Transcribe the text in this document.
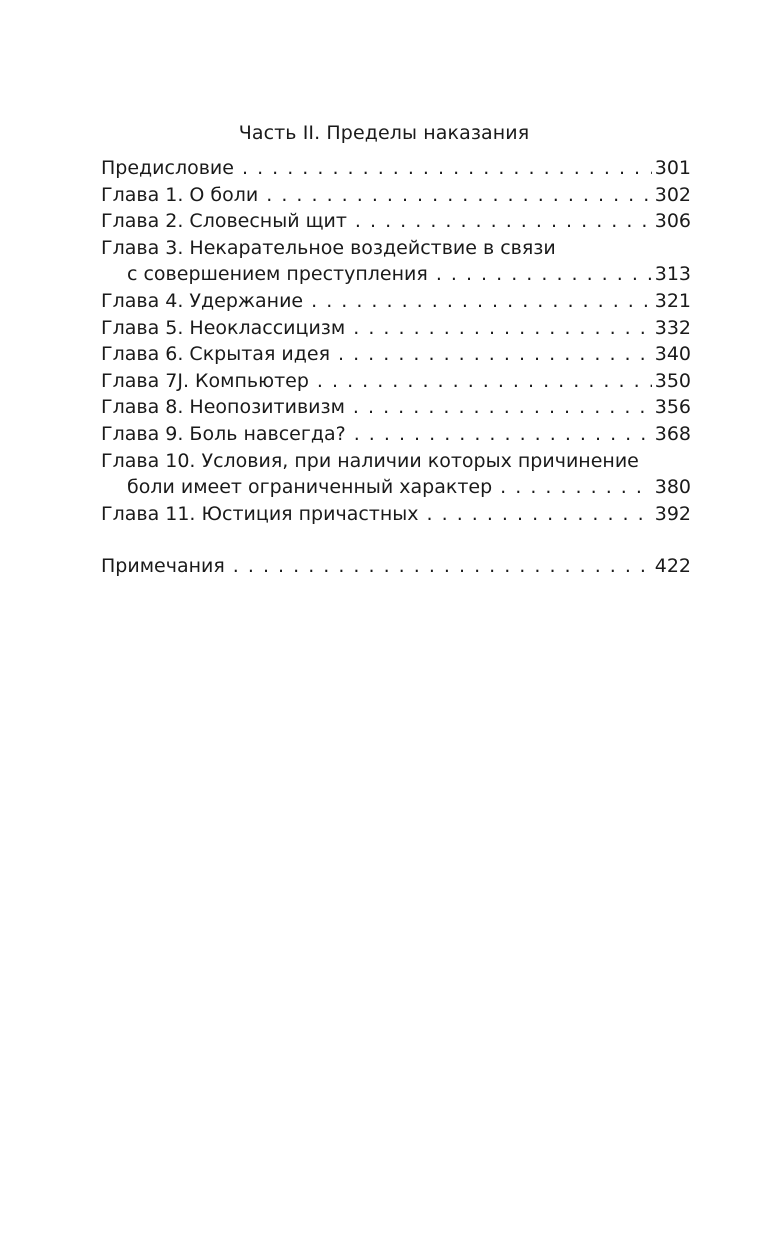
Часть II. Пределы наказания
Предисловие . . .	301
Глава 1. О боли . . .	302
Глава 2. Словесный щит . . .	306
Глава 3. Некарательное воздействие в связи
с совершением преступления . . .	313
Глава 4. Удержание . . .	321
Глава 5. Неоклассицизм . . .	332
Глава 6. Скрытая идея . . .	340
Глава 7J. Компьютер . . .	350
Глава 8. Неопозитивизм . . .	356
Глава 9. Боль навсегда? . . .	368
Глава 10. Условия, при наличии которых причинение
боли имеет ограниченный характер . . .	380
Глава 11. Юстиция причастных . . .	392
Примечания . . .	422
